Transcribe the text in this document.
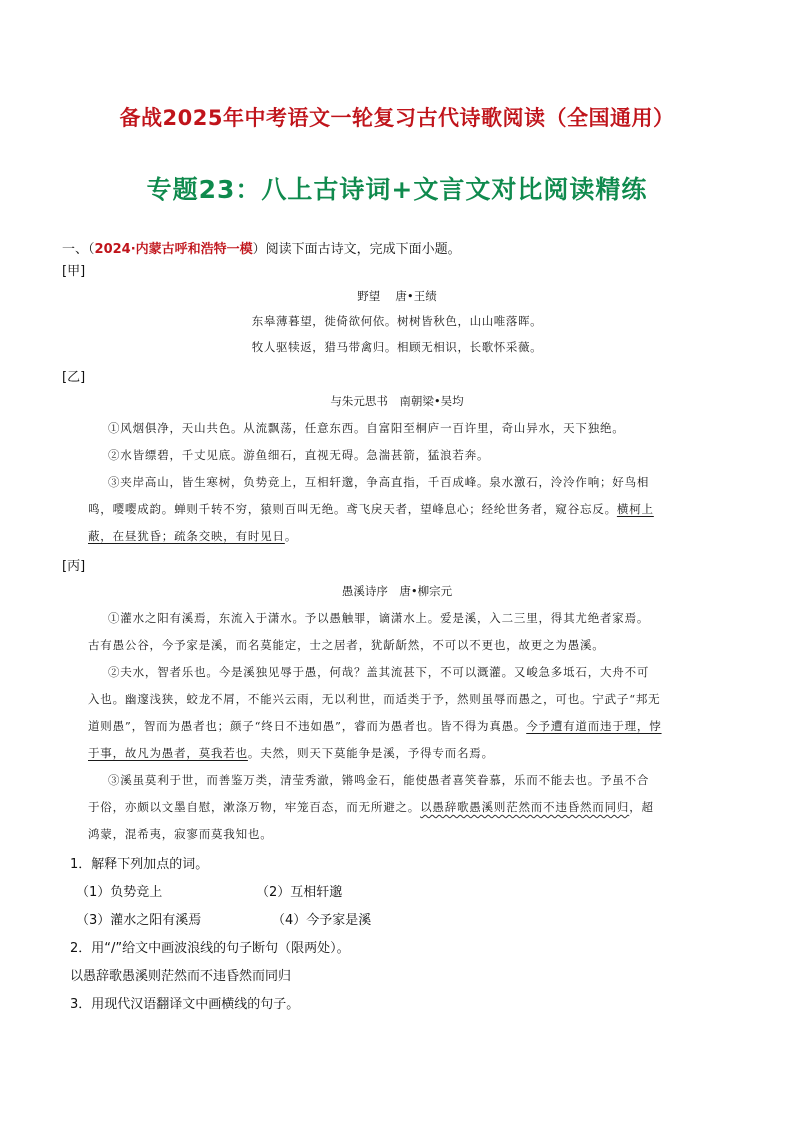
备战2025年中考语文一轮复习古代诗歌阅读（全国通用）
专题23：八上古诗词+文言文对比阅读精练
一、（2024·内蒙古呼和浩特一模）阅读下面古诗文，完成下面小题。
[甲]
野望　 唐•王绩
东皋薄暮望，徙倚欲何依。树树皆秋色，山山唯落晖。
牧人驱犊返，猎马带禽归。相顾无相识，长歌怀采薇。
[乙]
与朱元思书　南朝梁•吴均
①风烟俱净，天山共色。从流飘荡，任意东西。自富阳至桐庐一百许里，奇山异水，天下独绝。
②水皆缥碧，千丈见底。游鱼细石，直视无碍。急湍甚箭，猛浪若奔。
③夹岸高山，皆生寒树，负势竞上，互相轩邈，争高直指，千百成峰。泉水激石，泠泠作响；好鸟相
鸣，嘤嘤成韵。蝉则千转不穷，猿则百叫无绝。鸢飞戾天者，望峰息心；经纶世务者，窥谷忘反。横柯上
蔽，在昼犹昏；疏条交映，有时见日。
[丙]
愚溪诗序　唐•柳宗元
①灌水之阳有溪焉，东流入于潇水。予以愚触罪，谪潇水上。爱是溪，入二三里，得其尤绝者家焉。
古有愚公谷，今予家是溪，而名莫能定，士之居者，犹龂龂然，不可以不更也，故更之为愚溪。
②夫水，智者乐也。今是溪独见辱于愚，何哉？盖其流甚下，不可以溉灌。又峻急多坻石，大舟不可
入也。幽邃浅狭，蛟龙不屑，不能兴云雨，无以利世，而适类于予，然则虽辱而愚之，可也。宁武子“邦无
道则愚”，智而为愚者也；颜子“终日不违如愚”，睿而为愚者也。皆不得为真愚。今予遭有道而违于理，悖
于事，故凡为愚者，莫我若也。夫然，则天下莫能争是溪，予得专而名焉。
③溪虽莫利于世，而善鉴万类，清莹秀澈，锵鸣金石，能使愚者喜笑眷慕，乐而不能去也。予虽不合
于俗，亦颇以文墨自慰，漱涤万物，牢笼百态，而无所避之。以愚辞歌愚溪则茫然而不违昏然而同归，超
鸿蒙，混希夷，寂寥而莫我知也。
1．解释下列加点的词。
（1）负势竞上	（2）互相轩邈
（3）灌水之阳有溪焉	（4）今予家是溪
2．用“/”给文中画波浪线的句子断句（限两处）。
以愚辞歌愚溪则茫然而不违昏然而同归
3．用现代汉语翻译文中画横线的句子。
